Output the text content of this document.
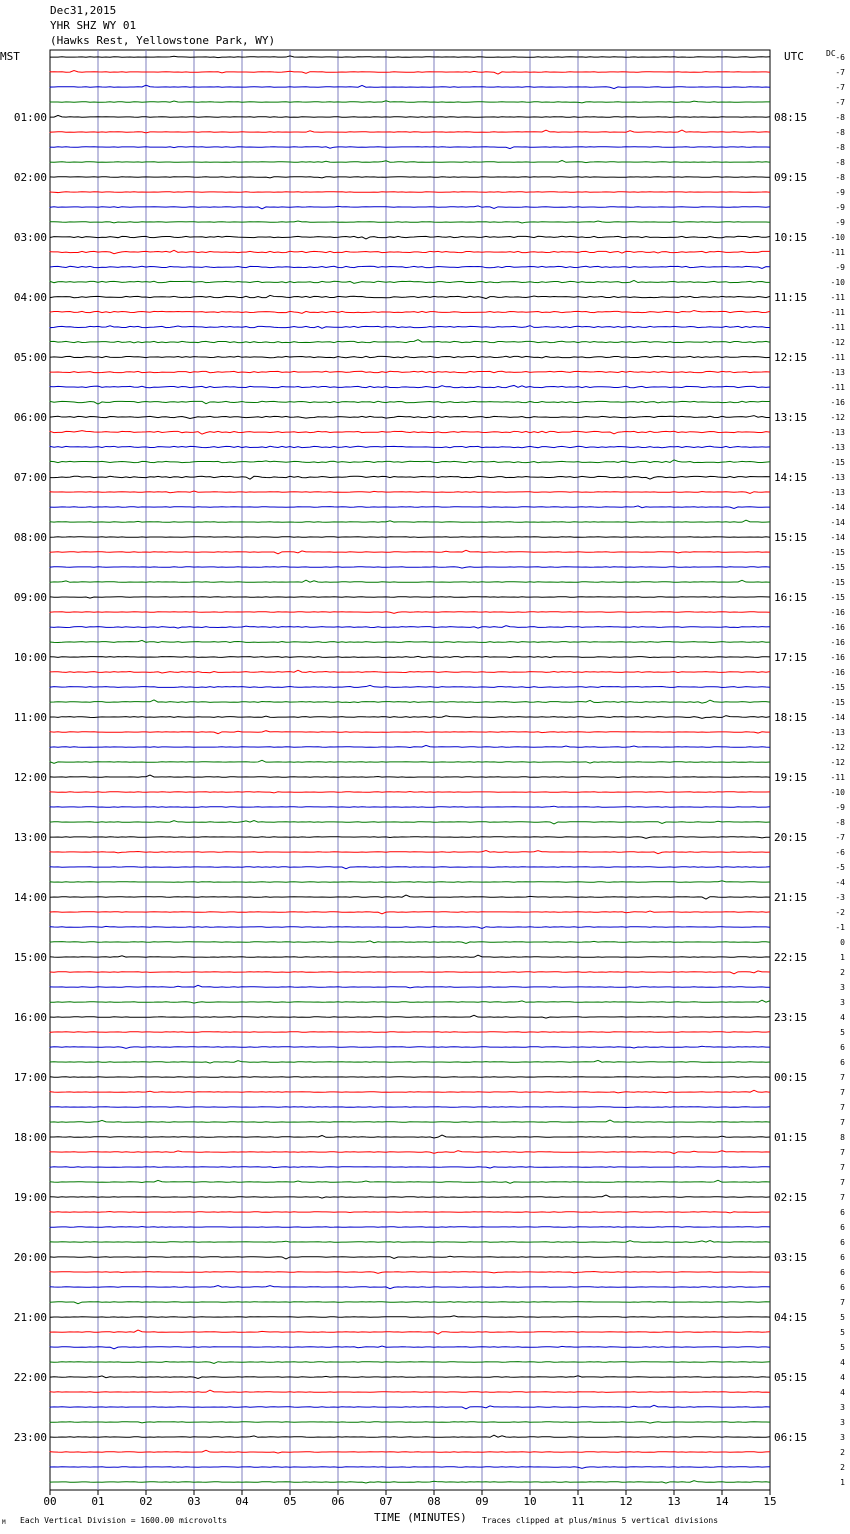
Dec31,2015
YHR SHZ WY 01
(Hawks Rest, Yellowstone Park, WY)
MST	UTC	-6
-7
-7
-7
-8
-8
-8
-8
-8
-9
-9
-9
-10
-11
-9
-10
-11
-11
-11
-12
-11
-13
-11
-16
-12
-13
-13
-15
-13
-13
-14
-14
-14
-15
-15
-15
-15
-16
-16
-16
-16
-16
-15
-15
-14
-13
-12
-12
-11
-10
-9
-8
-7
-6
-5
-4
-3
-2
-1
0
1
2
3
3
4
5
6
6
7
7
7
7
8
7
7
7
7
6
6
6
6
6
6
7
5
5
5
4
4
4
3
3
3
2
2
1
DC
01:00
02:00
03:00
04:00
05:00
06:00
07:00
08:00
09:00
10:00
11:00
12:00
13:00
14:00
15:00
16:00
17:00
18:00
19:00
20:00
21:00
22:00
23:00
08:15
09:15
10:15
11:15
12:15
13:15
14:15
15:15
16:15
17:15
18:15
19:15
20:15
21:15
22:15
23:15
00:15
01:15
02:15
03:15
04:15
05:15
06:15
00	01	02	03	04	05	06	07	08	09	10	11	12	13	14	15
Each Vertical Division = 1600.00 microvolts	TIME (MINUTES) Traces clipped at plus/minus 5 vertical divisions
M
